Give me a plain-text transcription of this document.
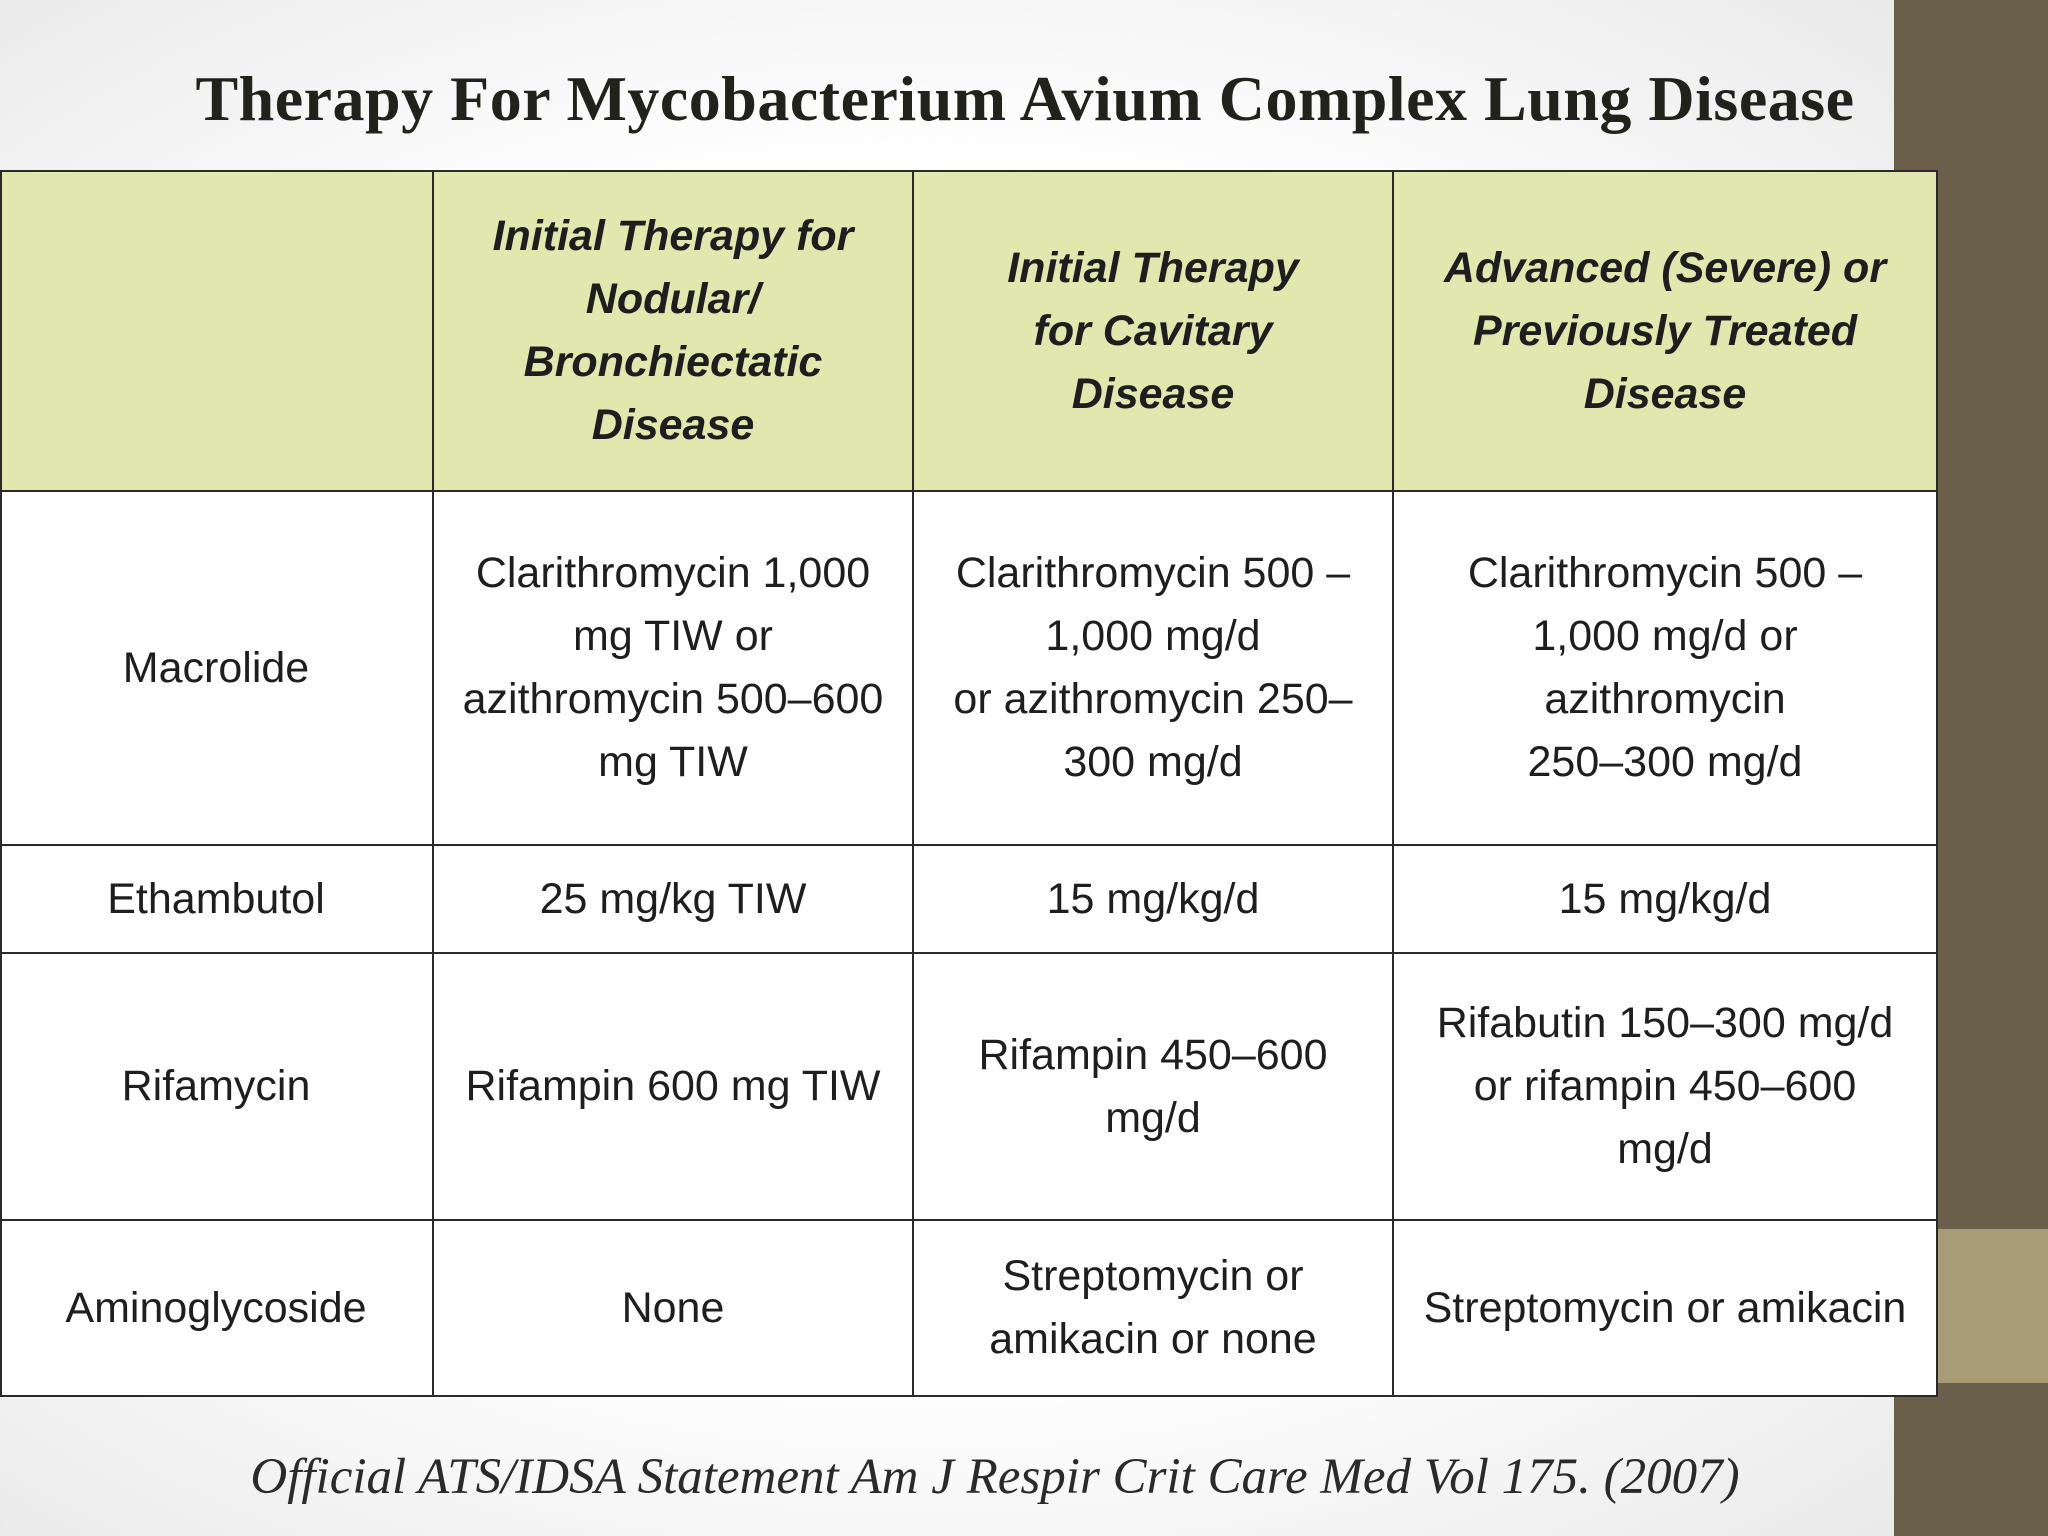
Therapy For Mycobacterium Avium Complex Lung Disease
	Initial Therapy for
Nodular/
Bronchiectatic
Disease	Initial Therapy
for Cavitary
Disease	Advanced (Severe) or
Previously Treated
Disease
Macrolide	Clarithromycin 1,000
mg TIW or
azithromycin 500–600
mg TIW	Clarithromycin 500 –
1,000 mg/d
or azithromycin 250–
300 mg/d	Clarithromycin 500 –
1,000 mg/d or
azithromycin
250–300 mg/d
Ethambutol	25 mg/kg TIW	15 mg/kg/d	15 mg/kg/d
Rifamycin	Rifampin 600 mg TIW	Rifampin 450–600
mg/d	Rifabutin 150–300 mg/d
or rifampin 450–600
mg/d
Aminoglycoside	None	Streptomycin or
amikacin or none	Streptomycin or amikacin
Official ATS/IDSA Statement Am J Respir Crit Care Med Vol 175. (2007)
